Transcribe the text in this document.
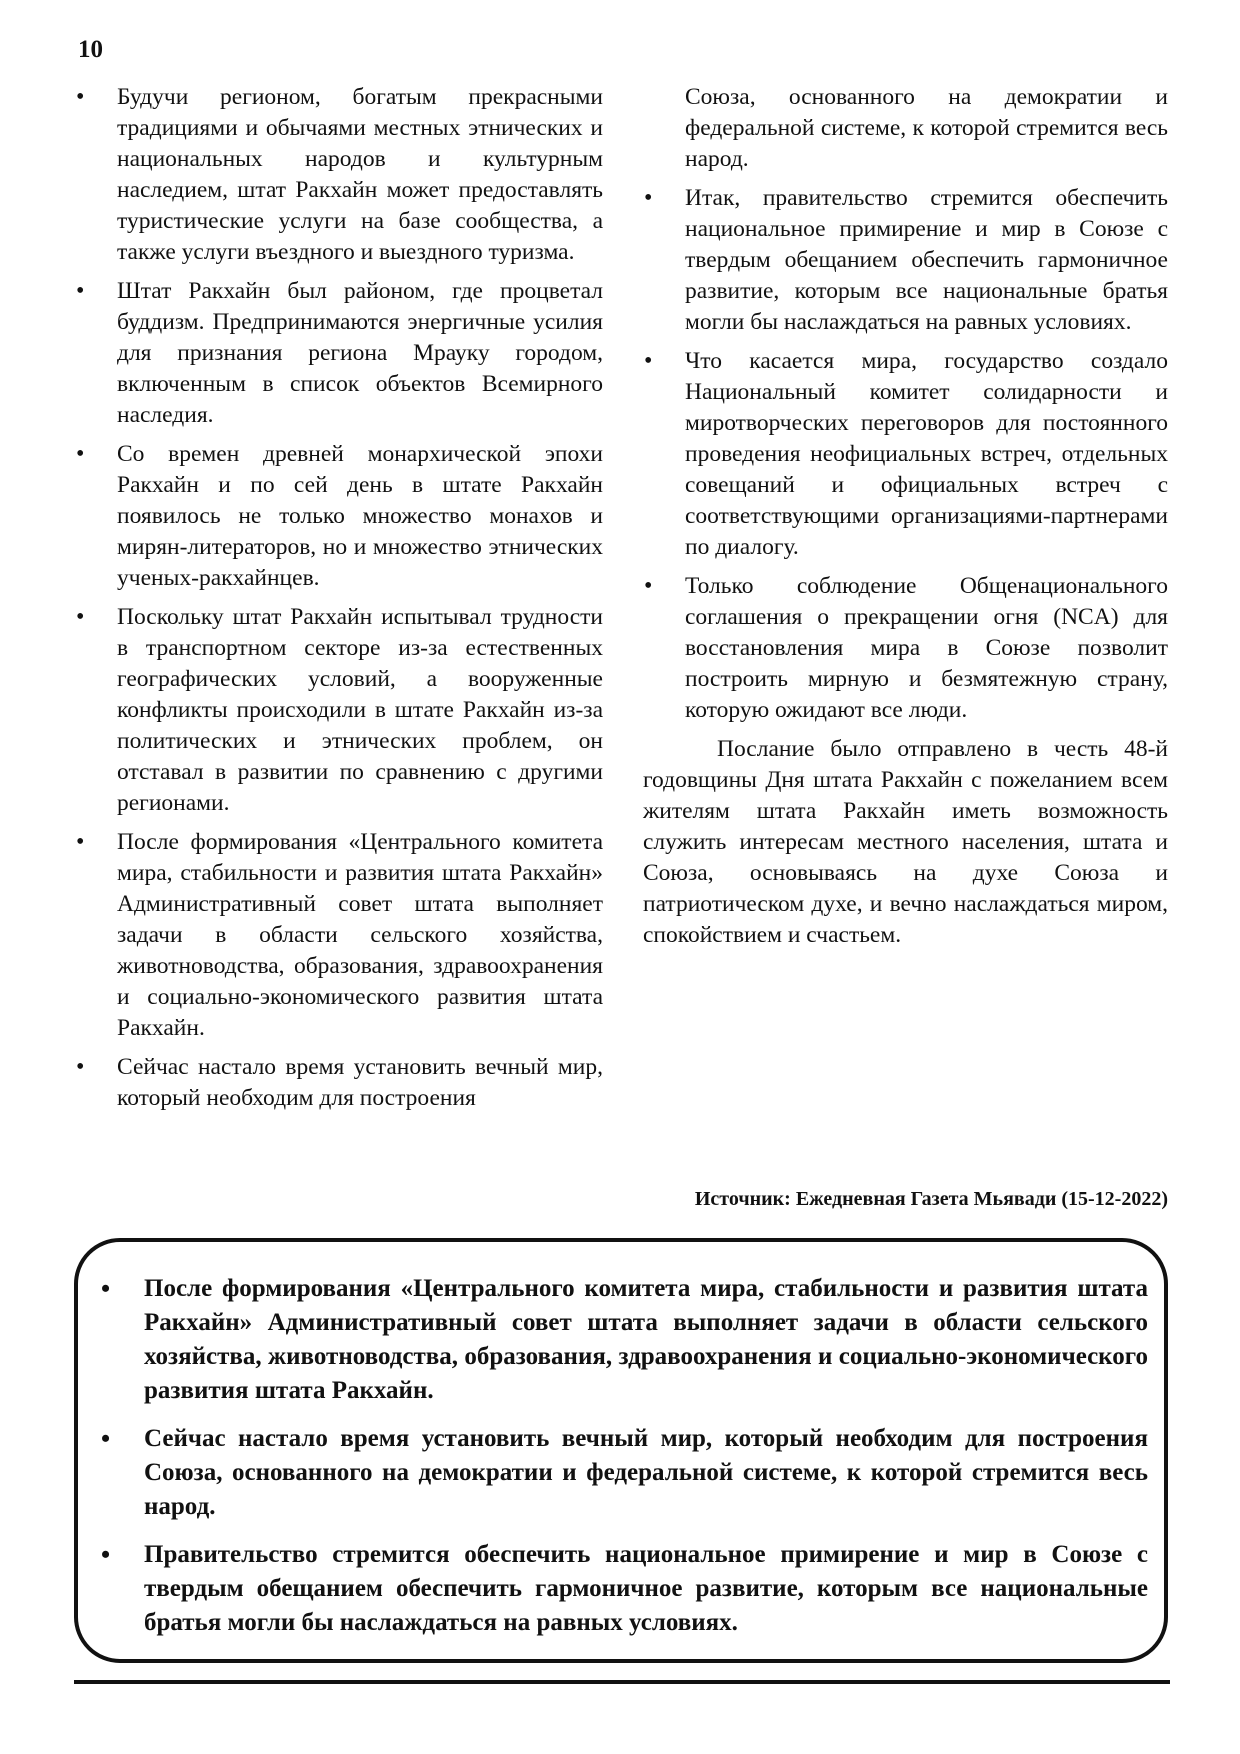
10
• Будучи регионом, богатым прекрасными традициями и обычаями местных этнических и национальных народов и культурным наследием, штат Ракхайн может предоставлять туристические услуги на базе сообщества, а также услуги въездного и выездного туризма.
• Штат Ракхайн был районом, где процветал буддизм. Предпринимаются энергичные усилия для признания региона Мрауку городом, включенным в список объектов Всемирного наследия.
• Со времен древней монархической эпохи Ракхайн и по сей день в штате Ракхайн появилось не только множество монахов и мирян-литераторов, но и множество этнических ученых-ракхайнцев.
• Поскольку штат Ракхайн испытывал трудности в транспортном секторе из-за естественных географических условий, а вооруженные конфликты происходили в штате Ракхайн из-за политических и этнических проблем, он отставал в развитии по сравнению с другими регионами.
• После формирования «Центрального комитета мира, стабильности и развития штата Ракхайн» Административный совет штата выполняет задачи в области сельского хозяйства, животноводства, образования, здравоохранения и социально-экономического развития штата Ракхайн.
• Сейчас настало время установить вечный мир, который необходим для построения

Союза, основанного на демократии и федеральной системе, к которой стремится весь народ.

• Итак, правительство стремится обеспечить национальное примирение и мир в Союзе с твердым обещанием обеспечить гармоничное развитие, которым все национальные братья могли бы наслаждаться на равных условиях.
• Что касается мира, государство создало Национальный комитет солидарности и миротворческих переговоров для постоянного проведения неофициальных встреч, отдельных совещаний и официальных встреч с соответствующими организациями-партнерами по диалогу.
• Только соблюдение Общенационального соглашения о прекращении огня (NCA) для восстановления мира в Союзе позволит построить мирную и безмятежную страну, которую ожидают все люди.

Послание было отправлено в честь 48-й годовщины Дня штата Ракхайн с пожеланием всем жителям штата Ракхайн иметь возможность служить интересам местного населения, штата и Союза, основываясь на духе Союза и патриотическом духе, и вечно наслаждаться миром, спокойствием и счастьем.

Источник: Ежедневная Газета Мьявади (15-12-2022)
• После формирования «Центрального комитета мира, стабильности и развития штата Ракхайн» Административный совет штата выполняет задачи в области сельского хозяйства, животноводства, образования, здравоохранения и социально-экономического развития штата Ракхайн.
• Сейчас настало время установить вечный мир, который необходим для построения Союза, основанного на демократии и федеральной системе, к которой стремится весь народ.
• Правительство стремится обеспечить национальное примирение и мир в Союзе с твердым обещанием обеспечить гармоничное развитие, которым все национальные братья могли бы наслаждаться на равных условиях.
